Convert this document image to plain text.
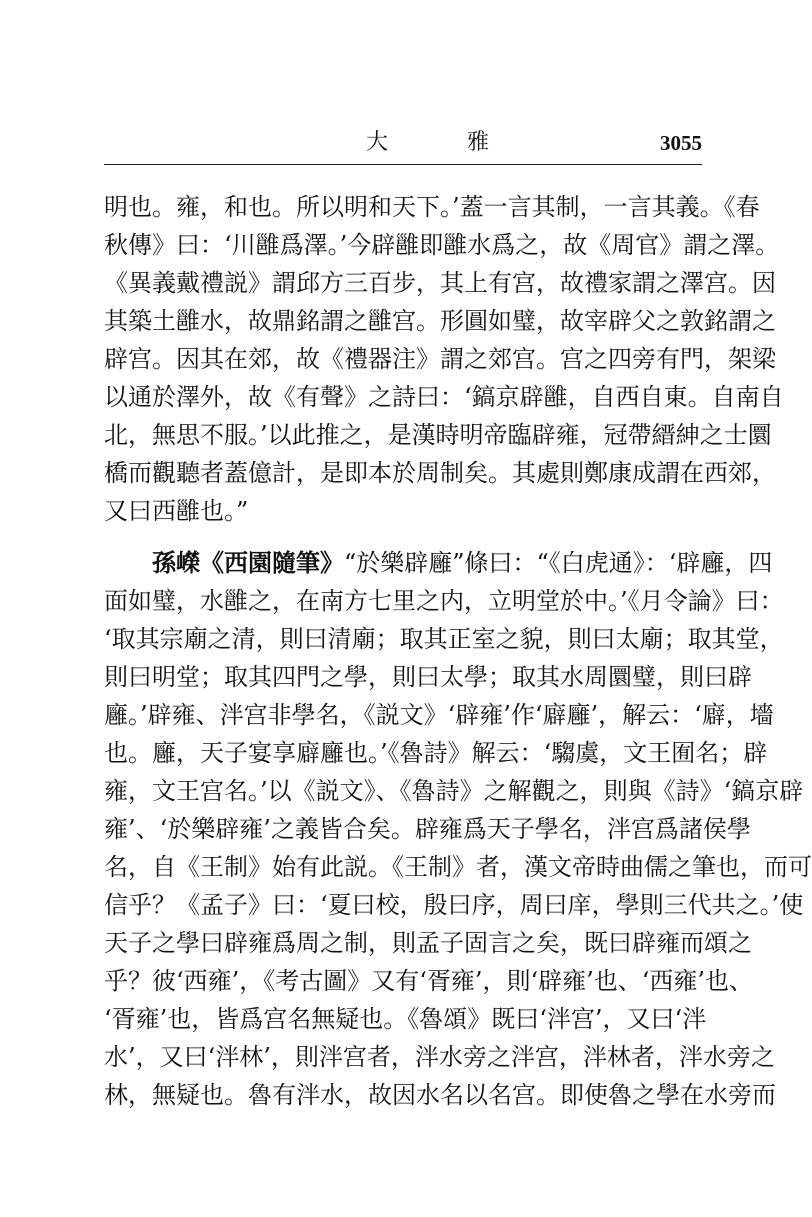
大 雅	3055
明也。雍，和也。所以明和天下。’蓋一言其制，一言其義。《春
秋傳》曰：‘川雝爲澤。’今辟雝即雝水爲之，故《周官》謂之澤。
《異義戴禮説》謂邱方三百步，其上有宫，故禮家謂之澤宫。因
其築土雝水，故鼎銘謂之雝宫。形圓如璧，故宰辟父之敦銘謂之
辟宫。因其在郊，故《禮器注》謂之郊宫。宫之四旁有門，架梁
以通於澤外，故《有聲》之詩曰：‘鎬京辟雝，自西自東。自南自
北，無思不服。’以此推之，是漢時明帝臨辟雍，冠帶縉紳之士圜
橋而觀聽者蓋億計，是即本於周制矣。其處則鄭康成謂在西郊，
又曰西雝也。”
孫嶸《西園隨筆》“於樂辟廱”條曰：“《白虎通》：‘辟廱，四
面如璧，水雝之，在南方七里之内，立明堂於中。’《月令論》曰：
‘取其宗廟之清，則曰清廟；取其正室之貌，則曰太廟；取其堂，
則曰明堂；取其四門之學，則曰太學；取其水周圜璧，則曰辟
廱。’辟雍、泮宫非學名，《説文》‘辟雍’作‘廦廱’，解云：‘廦，墻
也。廱，天子宴享廦廱也。’《魯詩》解云：‘騶虞，文王囿名；辟
雍，文王宫名。’以《説文》、《魯詩》之解觀之，則與《詩》‘鎬京辟
雍’、‘於樂辟雍’之義皆合矣。辟雍爲天子學名，泮宫爲諸侯學
名，自《王制》始有此説。《王制》者，漢文帝時曲儒之筆也，而可
信乎？《孟子》曰：‘夏曰校，殷曰序，周曰庠，學則三代共之。’使
天子之學曰辟雍爲周之制，則孟子固言之矣，既曰辟雍而頌之
乎？彼‘西雍’，《考古圖》又有‘胥雍’，則‘辟雍’也、‘西雍’也、
‘胥雍’也，皆爲宫名無疑也。《魯頌》既曰‘泮宫’，又曰‘泮
水’，又曰‘泮林’，則泮宫者，泮水旁之泮宫，泮林者，泮水旁之
林，無疑也。魯有泮水，故因水名以名宫。即使魯之學在水旁而
